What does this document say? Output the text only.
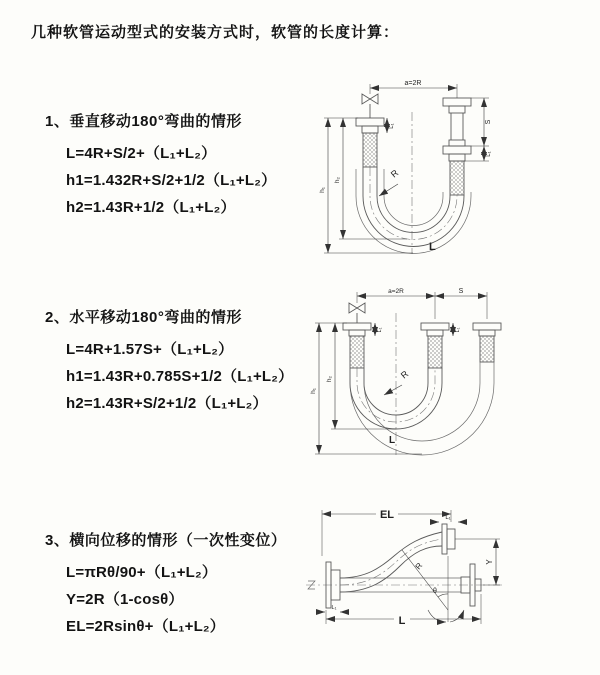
几种软管运动型式的安装方式时，软管的长度计算：
1、垂直移动180°弯曲的情形
L=4R+S/2+（L₁+L₂）
h1=1.432R+S/2+1/2（L₁+L₂）
h2=1.43R+1/2（L₁+L₂）
2、水平移动180°弯曲的情形
L=4R+1.57S+（L₁+L₂）
h1=1.43R+0.785S+1/2（L₁+L₂）
h2=1.43R+S/2+1/2（L₁+L₂）
3、横向位移的情形（一次性变位）
L=πRθ/90+（L₁+L₂）
Y=2R（1-cosθ）
EL=2Rsinθ+（L₁+L₂）
a=2R
h₁
h₂
L₁
S
L₁
R
L
a=2R	S
h₁
h₂
L₁	L₁
R
L
EL	L₁
Y
L
L₁
R
θ
